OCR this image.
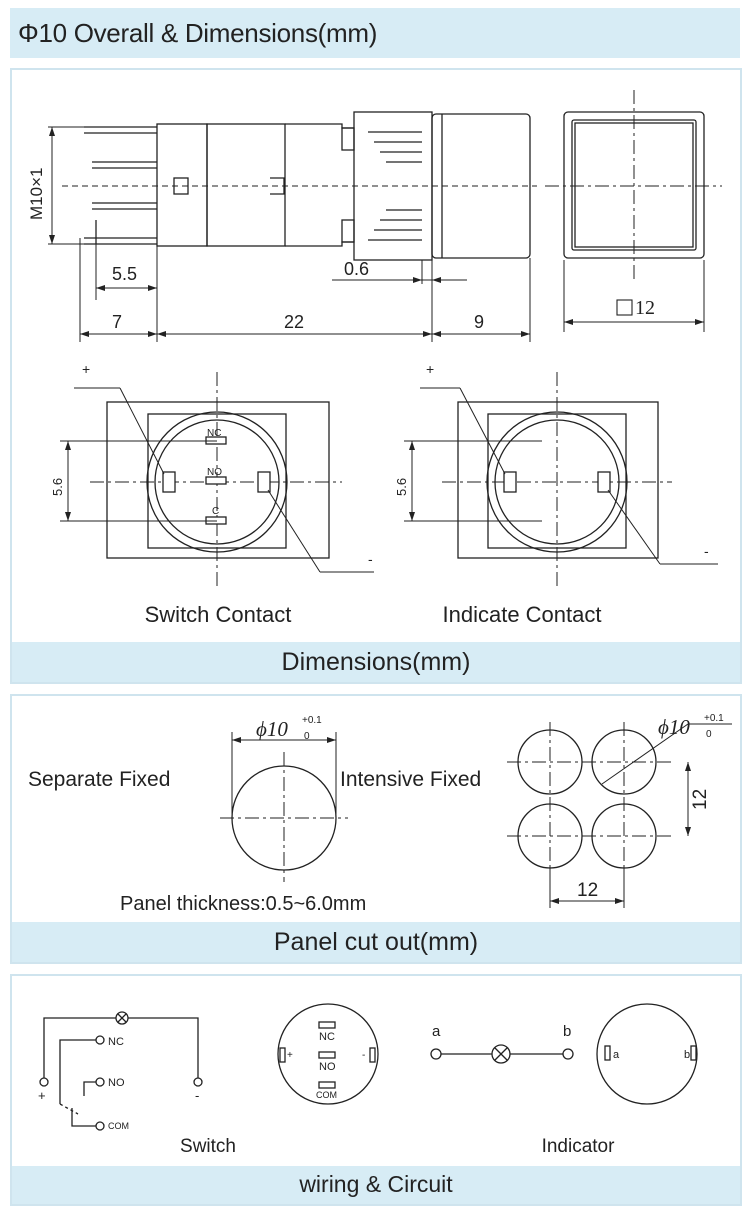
Φ10 Overall & Dimensions(mm)
M10×1
5.5	0.6
7	22	9
12
+
-
NC
NO
C
5.6
Switch Contact
+
-
5.6
Indicate Contact
Dimensions(mm)
Separate Fixed	Intensive Fixed
Panel thickness:0.5~6.0mm
ϕ10 +0.1
0	ϕ10 +0.1
0
12
12
Panel cut out(mm)
NC
NO
COM
+	-
NC
NO
COM
+	-
a	b
a	b
Switch	Indicator
wiring & Circuit
